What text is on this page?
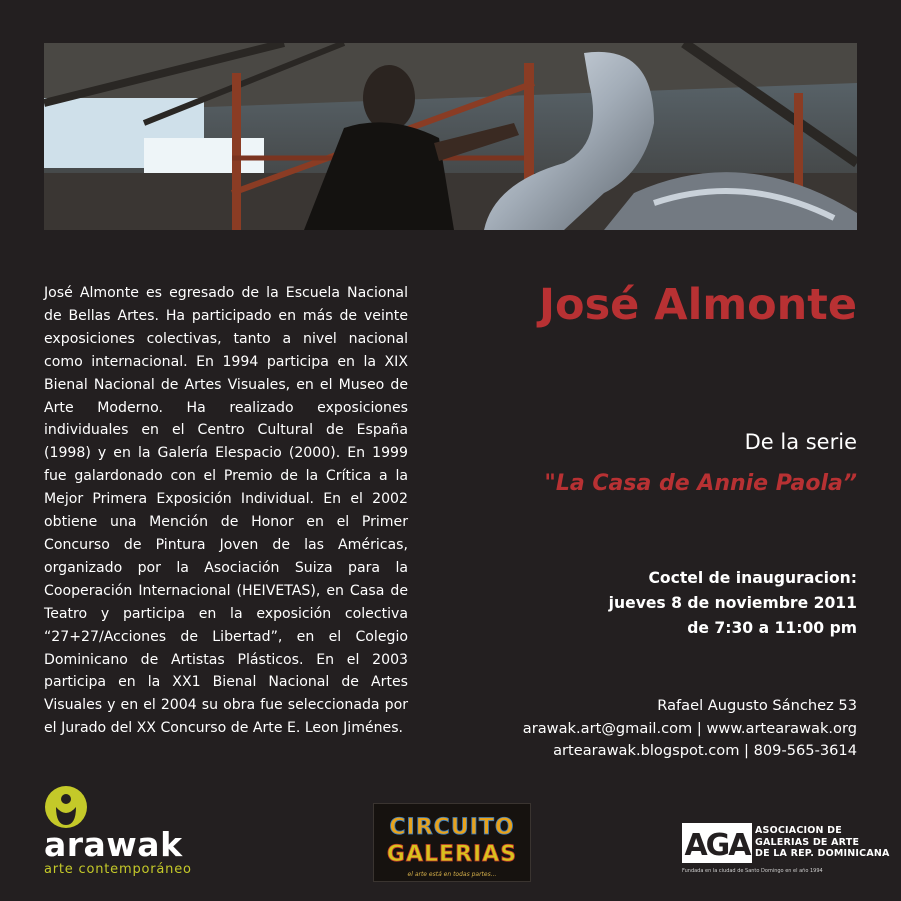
José Almonte es egresado de la Escuela Nacional de Bellas Artes. Ha participado en más de veinte exposiciones colectivas, tanto a nivel nacional como internacional. En 1994 participa en la XIX Bienal Nacional de Artes Visuales, en el Museo de Arte Moderno. Ha realizado exposiciones individuales en el Centro Cultural de España (1998) y en la Galería Elespacio (2000). En 1999 fue galardonado con el Premio de la Crítica a la Mejor Primera Exposición Individual. En el 2002 obtiene una Mención de Honor en el Primer Concurso de Pintura Joven de las Américas, organizado por la Asociación Suiza para la Cooperación Internacional (HEIVETAS), en Casa de Teatro y participa en la exposición colectiva “27+27/Acciones de Libertad”, en el Colegio Dominicano de Artistas Plásticos. En el 2003 participa en la XX1 Bienal Nacional de Artes Visuales y en el 2004 su obra fue seleccionada por el Jurado del XX Concurso de Arte E. Leon Jiménes.

José Almonte
De la serie
"La Casa de Annie Paola”
Coctel de inauguracion:
jueves 8 de noviembre 2011
de 7:30 a 11:00 pm
Rafael Augusto Sánchez 53
arawak.art@gmail.com | www.artearawak.org
artearawak.blogspot.com | 809-565-3614
arawak
arte contemporáneo
CIRCUITO
GALERIAS
el arte está en todas partes...
AGA ASOCIACION DE
GALERIAS DE ARTE
DE LA REP. DOMINICANA
Fundada en la ciudad de Santo Domingo en el año 1994
